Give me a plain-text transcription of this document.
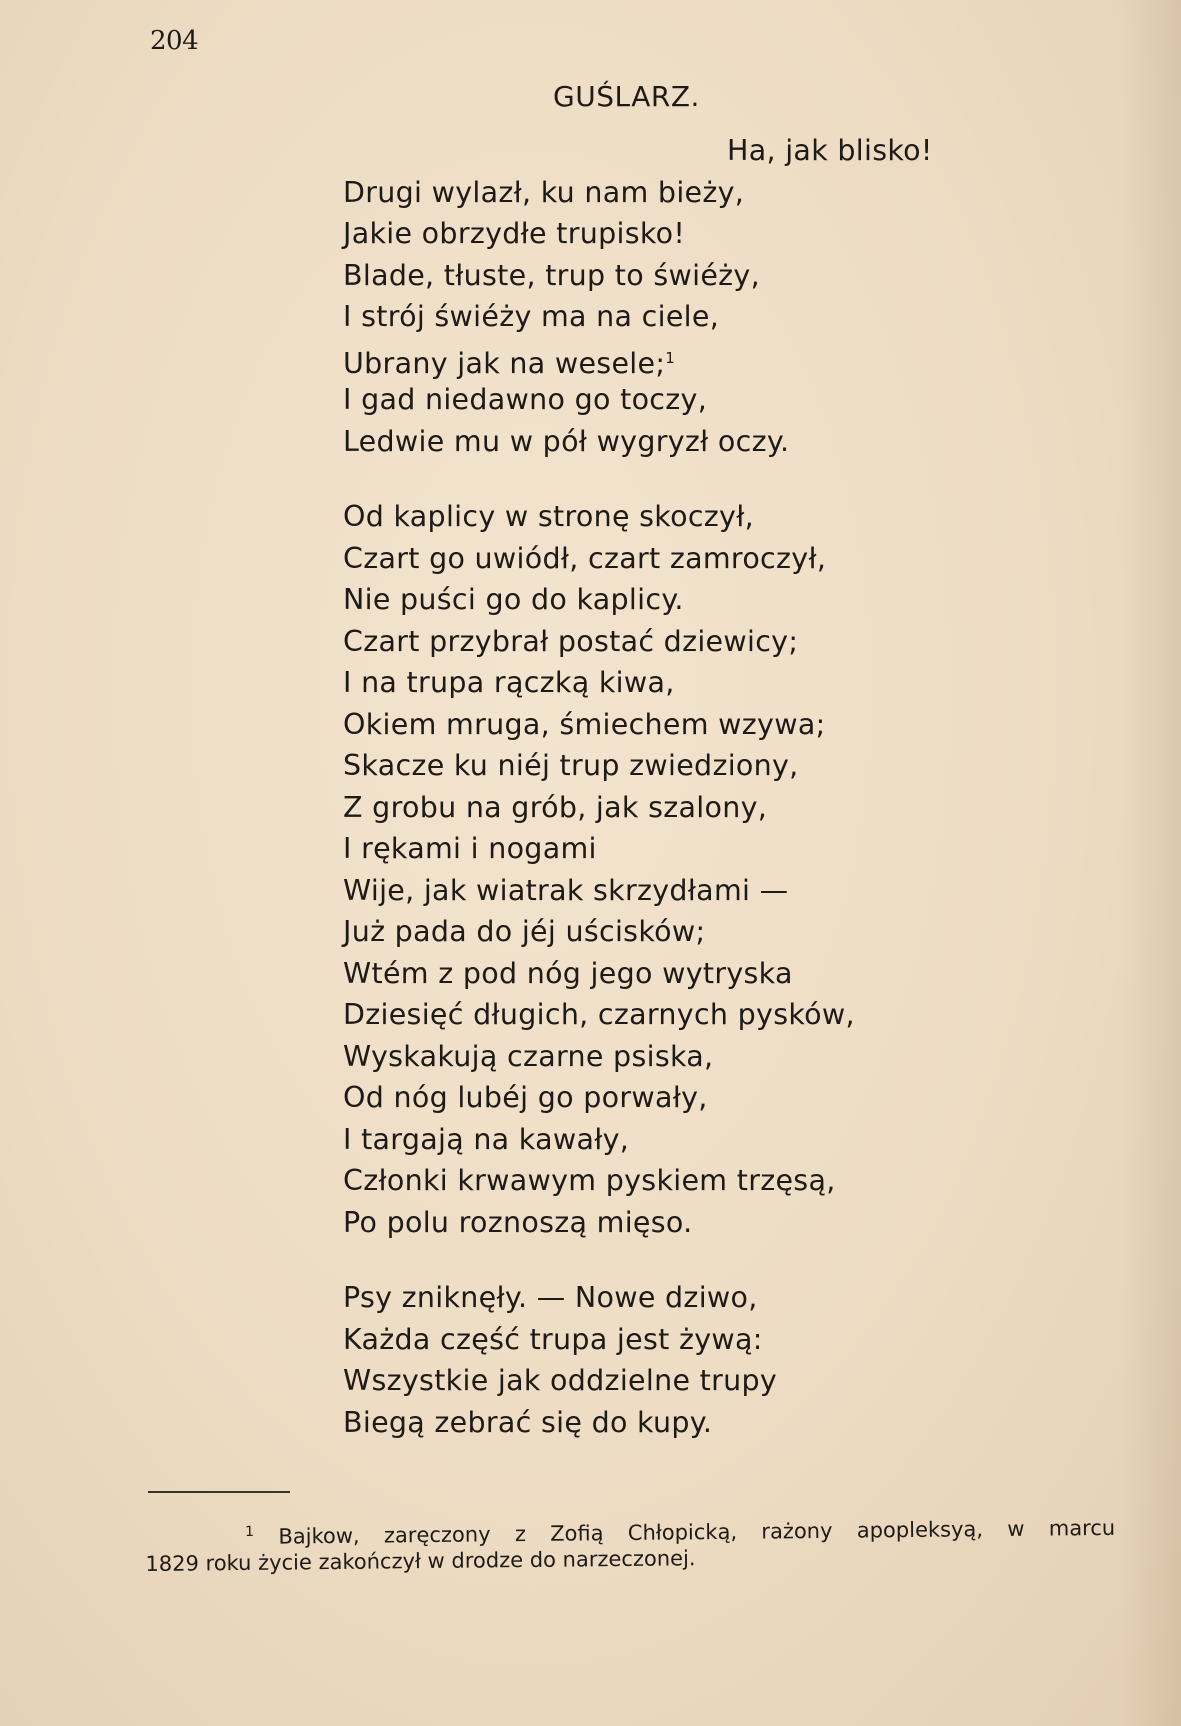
204
GUŚLARZ.
Ha, jak blisko!
Drugi wylazł, ku nam bieży,
Jakie obrzydłe trupisko!
Blade, tłuste, trup to świéży,
I strój świéży ma na ciele,
Ubrany jak na wesele;$^1$
I gad niedawno go toczy,
Ledwie mu w pół wygryzł oczy.
Od kaplicy w stronę skoczył,
Czart go uwiódł, czart zamroczył,
Nie puści go do kaplicy.
Czart przybrał postać dziewicy;
I na trupa rączką kiwa,
Okiem mruga, śmiechem wzywa;
Skacze ku niéj trup zwiedziony,
Z grobu na grób, jak szalony,
I rękami i nogami
Wije, jak wiatrak skrzydłami —
Już pada do jéj uścisków;
Wtém z pod nóg jego wytryska
Dziesięć długich, czarnych pysków,
Wyskakują czarne psiska,
Od nóg lubéj go porwały,
I targają na kawały,
Członki krwawym pyskiem trzęsą,
Po polu roznoszą mięso.
Psy zniknęły. — Nowe dziwo,
Każda część trupa jest żywą:
Wszystkie jak oddzielne trupy
Biegą zebrać się do kupy.
$^1$ Bajkow, zaręczony z Zofią Chłopicką, rażony apopleksyą, w marcu
1829 roku życie zakończył w drodze do narzeczonej.
